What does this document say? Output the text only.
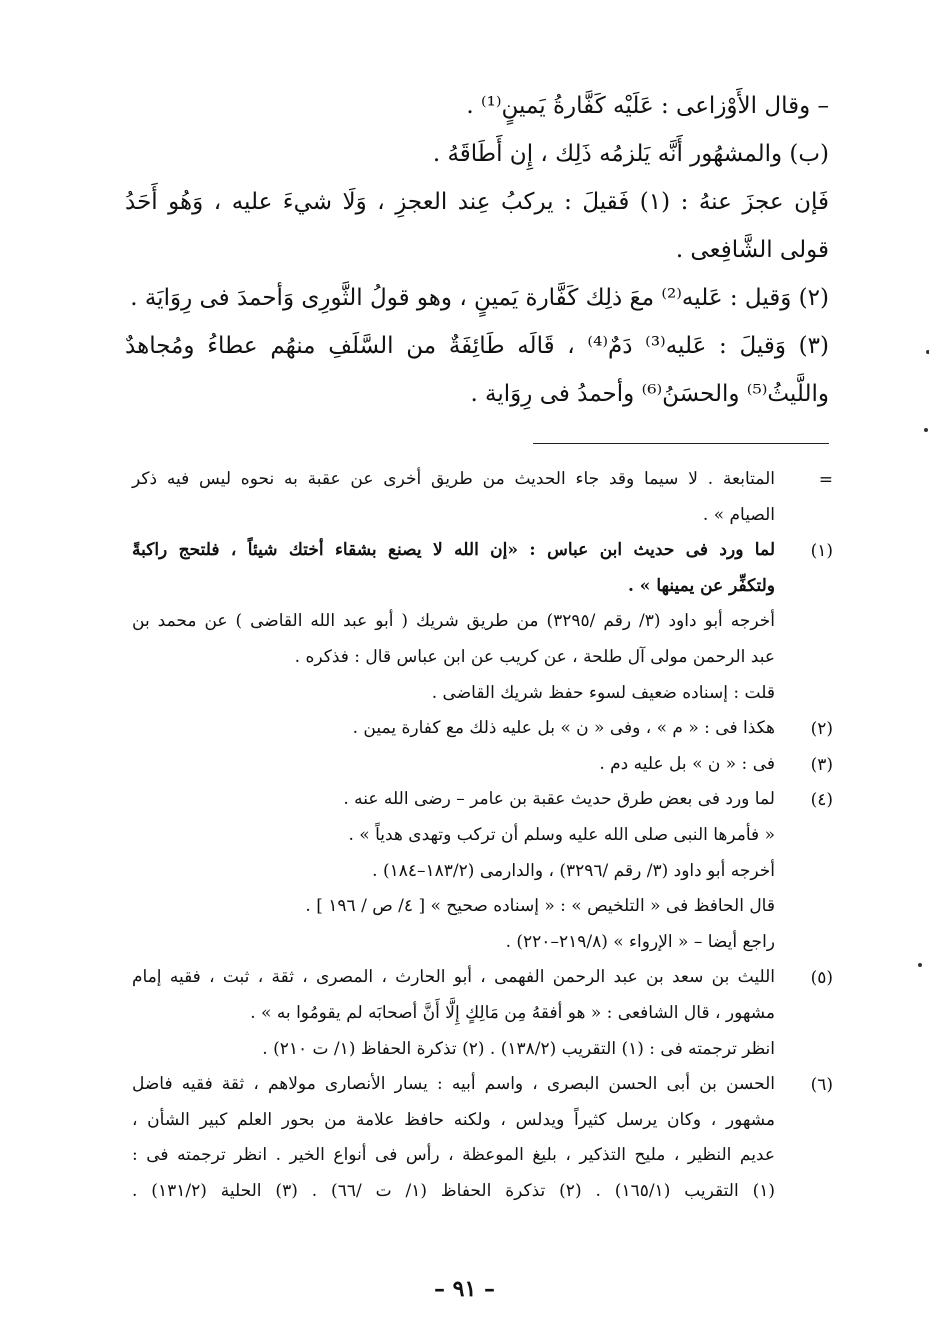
– وقال الأَوْزاعى : عَلَيْه كَفَّارةُ يَمينٍ⁽¹⁾ .
(ب) والمشهُور أَنَّه يَلزمُه ذَلِك ، إِن أَطَاقَهُ .
فَإن عجزَ عنهُ : (١) فَقيلَ : يركبُ عِند العجزِ ، وَلَا شيءَ عليه ، وَهُو أَحَدُ
قولى الشَّافِعى .
(٢) وَقيل : عَليه⁽²⁾ معَ ذلِك كَفَّارة يَمينٍ ، وهو قولُ الثَّورِى وَأحمدَ فى رِوَايَة .
(٣) وَقيلَ : عَليه⁽³⁾ دَمٌ⁽⁴⁾ ، قَالَه طَائِفَةٌ من السَّلَفِ منهُم عطاءُ ومُجاهدٌ
واللَّيثُ⁽⁵⁾ والحسَنُ⁽⁶⁾ وأحمدُ فى رِوَاية .
=
المتابعة . لا سيما وقد جاء الحديث من طريق أخرى عن عقبة به نحوه ليس فيه ذكر
الصيام » .
(١)
لما ورد فى حديث ابن عباس : «إن الله لا يصنع بشقاء أختك شيئاً ، فلتحج راكبةً
ولتكفِّر عن يمينها » .
أخرجه أبو داود (٣/ رقم /٣٢٩٥) من طريق شريك ( أبو عبد الله القاضى ) عن محمد بن
عبد الرحمن مولى آل طلحة ، عن كريب عن ابن عباس قال : فذكره .
قلت : إسناده ضعيف لسوء حفظ شريك القاضى .
(٢)
هكذا فى : « م » ، وفى « ن » بل عليه ذلك مع كفارة يمين .
(٣)
فى : « ن » بل عليه دم .
(٤)
لما ورد فى بعض طرق حديث عقبة بن عامر – رضى الله عنه .
« فأمرها النبى صلى الله عليه وسلم أن تركب وتهدى هدياً » .
أخرجه أبو داود (٣/ رقم /٣٢٩٦) ، والدارمى (١٨٣/٢–١٨٤) .
قال الحافظ فى « التلخيص » : « إسناده صحيح » [ ٤/ ص / ١٩٦ ] .
راجع أيضا – « الإرواء » (٢١٩/٨–٢٢٠) .
(٥)
الليث بن سعد بن عبد الرحمن الفهمى ، أبو الحارث ، المصرى ، ثقة ، ثبت ، فقيه إمام
مشهور ، قال الشافعى : « هو أفقهُ مِن مَالِكٍ إِلَّا أَنَّ أصحابَه لم يقومُوا به » .
انظر ترجمته فى : (١) التقريب (١٣٨/٢) . (٢) تذكرة الحفاظ (١/ ت ٢١٠) .
(٦)
الحسن بن أبى الحسن البصرى ، واسم أبيه : يسار الأنصارى مولاهم ، ثقة فقيه فاضل
مشهور ، وكان يرسل كثيراً ويدلس ، ولكنه حافظ علامة من بحور العلم كبير الشأن ،
عديم النظير ، مليح التذكير ، بليغ الموعظة ، رأس فى أنواع الخير . انظر ترجمته فى :
(١) التقريب (١٦٥/١) . (٢) تذكرة الحفاظ (١/ ت /٦٦) . (٣) الحلية (١٣١/٢) .
– ٩١ –
